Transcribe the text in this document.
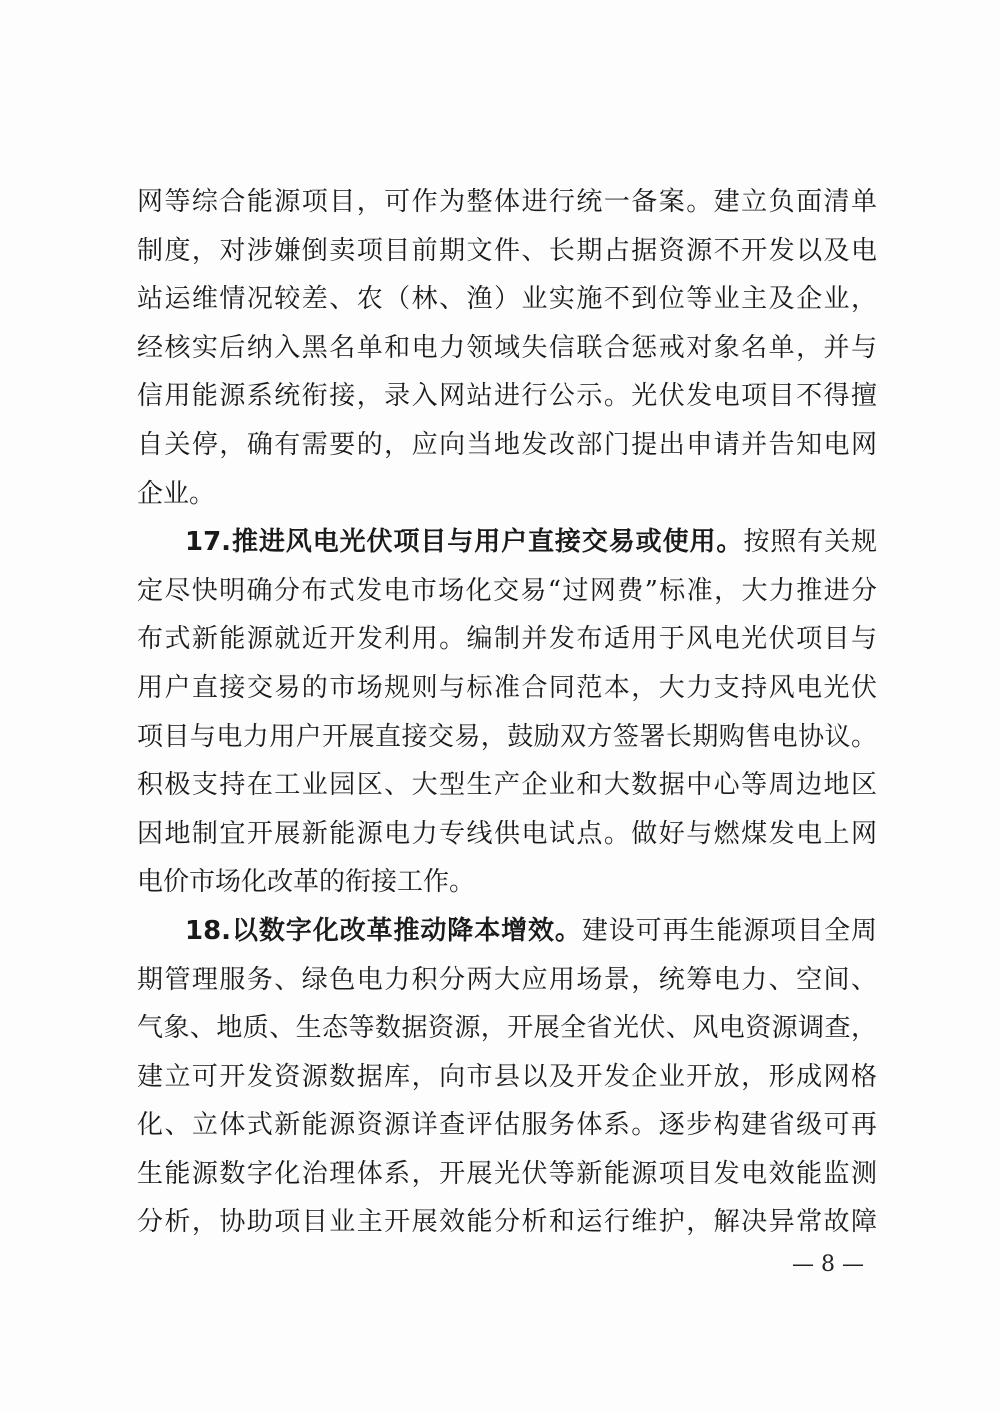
网等综合能源项目，可作为整体进行统一备案。建立负面清单
制度，对涉嫌倒卖项目前期文件、长期占据资源不开发以及电
站运维情况较差、农（林、渔）业实施不到位等业主及企业，
经核实后纳入黑名单和电力领域失信联合惩戒对象名单，并与
信用能源系统衔接，录入网站进行公示。光伏发电项目不得擅
自关停，确有需要的，应向当地发改部门提出申请并告知电网
企业。
17.推进风电光伏项目与用户直接交易或使用。按照有关规
定尽快明确分布式发电市场化交易“过网费”标准，大力推进分
布式新能源就近开发利用。编制并发布适用于风电光伏项目与
用户直接交易的市场规则与标准合同范本，大力支持风电光伏
项目与电力用户开展直接交易，鼓励双方签署长期购售电协议。
积极支持在工业园区、大型生产企业和大数据中心等周边地区
因地制宜开展新能源电力专线供电试点。做好与燃煤发电上网
电价市场化改革的衔接工作。
18.以数字化改革推动降本增效。建设可再生能源项目全周
期管理服务、绿色电力积分两大应用场景，统筹电力、空间、
气象、地质、生态等数据资源，开展全省光伏、风电资源调查，
建立可开发资源数据库，向市县以及开发企业开放，形成网格
化、立体式新能源资源详查评估服务体系。逐步构建省级可再
生能源数字化治理体系，开展光伏等新能源项目发电效能监测
分析，协助项目业主开展效能分析和运行维护，解决异常故障
— 8 —
